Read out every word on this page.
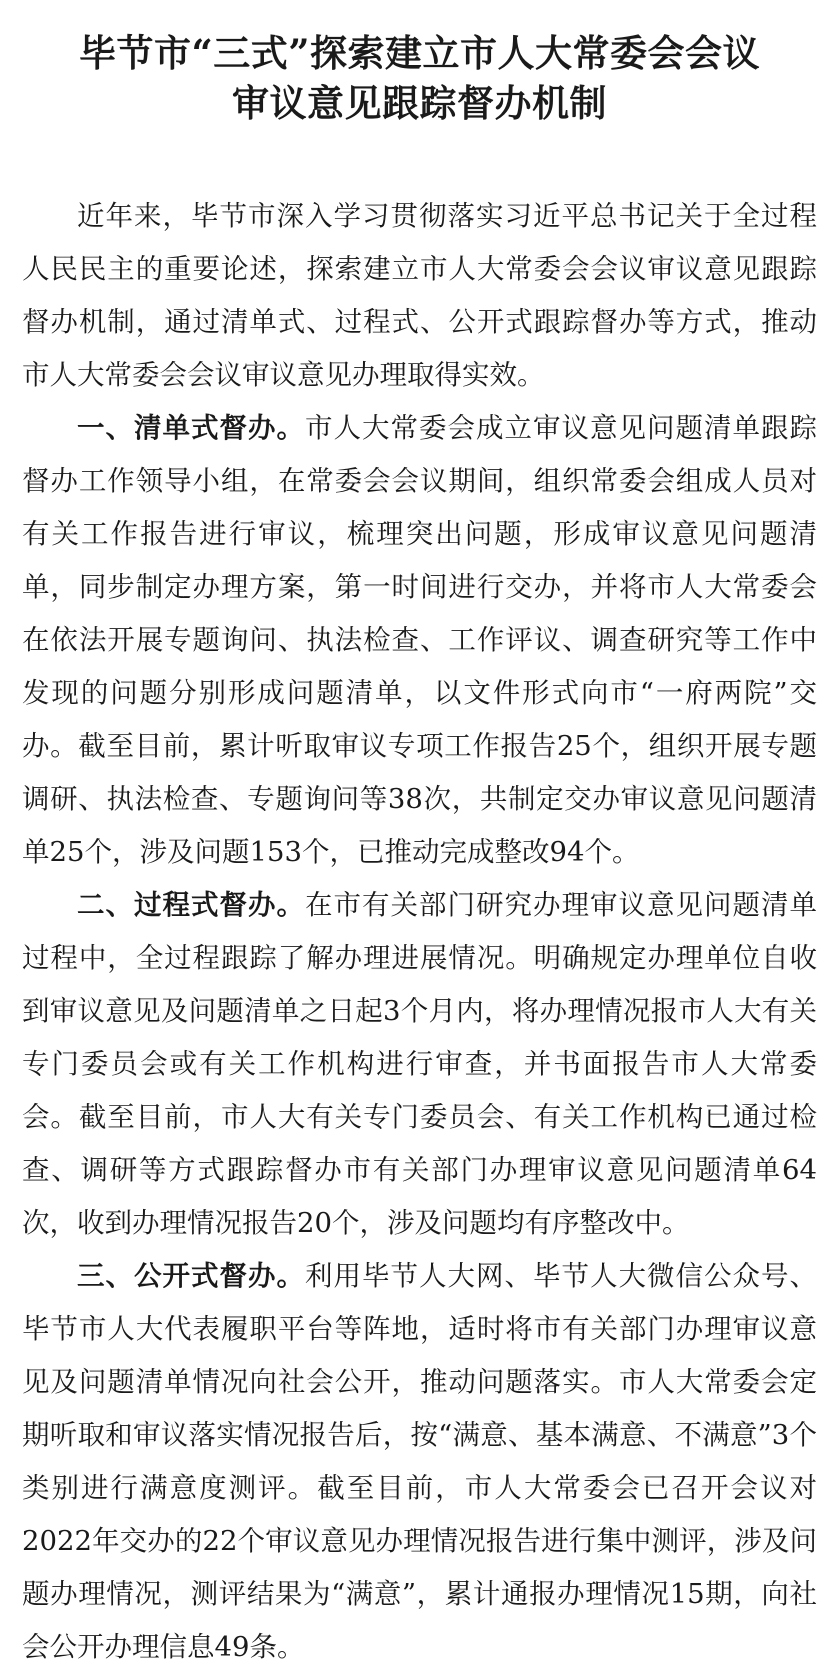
毕节市“三式”探索建立市人大常委会会议
审议意见跟踪督办机制

近年来，毕节市深入学习贯彻落实习近平总书记关于全过程人民民主的重要论述，探索建立市人大常委会会议审议意见跟踪督办机制，通过清单式、过程式、公开式跟踪督办等方式，推动市人大常委会会议审议意见办理取得实效。

一、清单式督办。市人大常委会成立审议意见问题清单跟踪督办工作领导小组，在常委会会议期间，组织常委会组成人员对有关工作报告进行审议，梳理突出问题，形成审议意见问题清单，同步制定办理方案，第一时间进行交办，并将市人大常委会在依法开展专题询问、执法检查、工作评议、调查研究等工作中发现的问题分别形成问题清单，以文件形式向市“一府两院”交办。截至目前，累计听取审议专项工作报告25个，组织开展专题调研、执法检查、专题询问等38次，共制定交办审议意见问题清单25个，涉及问题153个，已推动完成整改94个。

二、过程式督办。在市有关部门研究办理审议意见问题清单过程中，全过程跟踪了解办理进展情况。明确规定办理单位自收到审议意见及问题清单之日起3个月内，将办理情况报市人大有关专门委员会或有关工作机构进行审查，并书面报告市人大常委会。截至目前，市人大有关专门委员会、有关工作机构已通过检查、调研等方式跟踪督办市有关部门办理审议意见问题清单64次，收到办理情况报告20个，涉及问题均有序整改中。

三、公开式督办。利用毕节人大网、毕节人大微信公众号、毕节市人大代表履职平台等阵地，适时将市有关部门办理审议意见及问题清单情况向社会公开，推动问题落实。市人大常委会定期听取和审议落实情况报告后，按“满意、基本满意、不满意”3个类别进行满意度测评。截至目前，市人大常委会已召开会议对2022年交办的22个审议意见办理情况报告进行集中测评，涉及问题办理情况，测评结果为“满意”，累计通报办理情况15期，向社会公开办理信息49条。
